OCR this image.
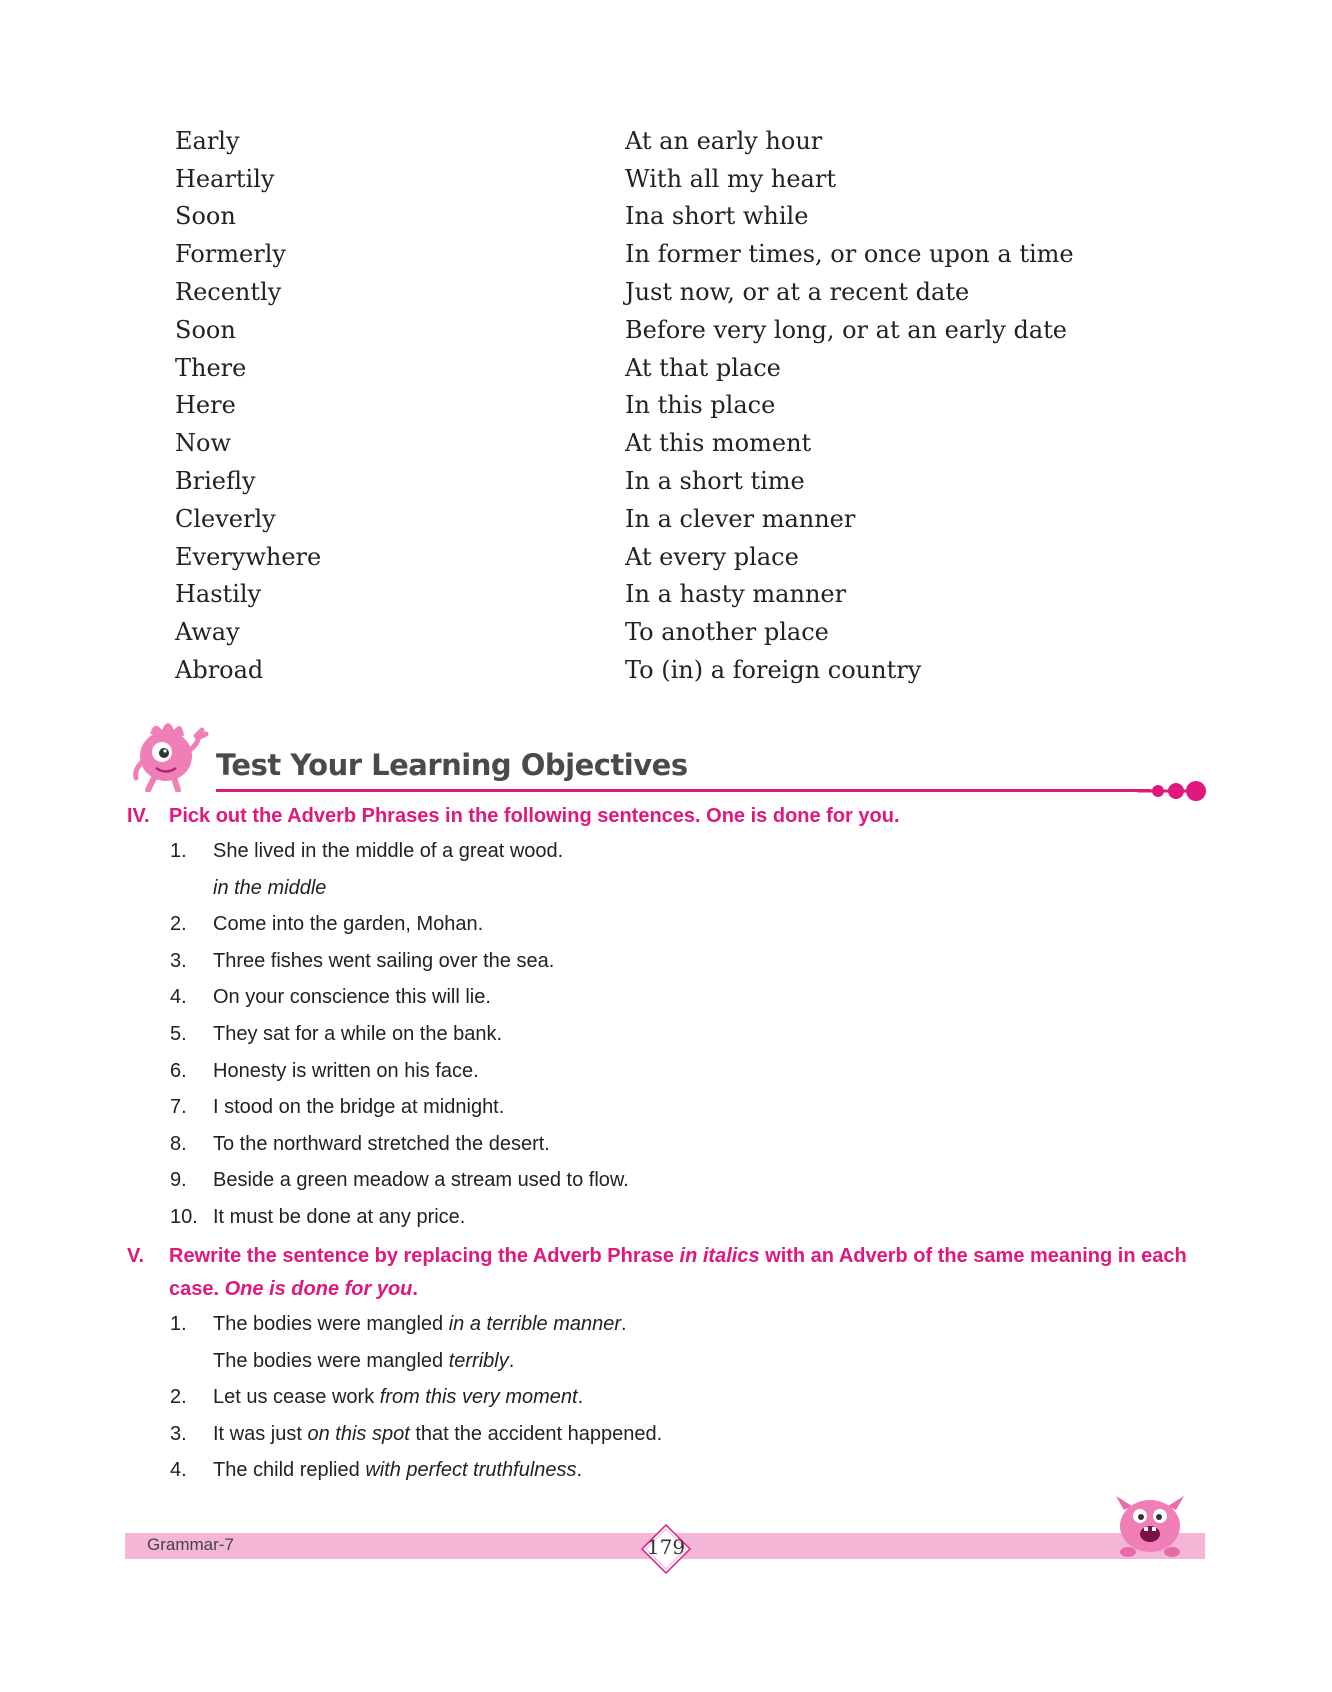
Early	At an early hour
Heartily	With all my heart
Soon	Ina short while
Formerly	In former times, or once upon a time
Recently	Just now, or at a recent date
Soon	Before very long, or at an early date
There	At that place
Here	In this place
Now	At this moment
Briefly	In a short time
Cleverly	In a clever manner
Everywhere	At every place
Hastily	In a hasty manner
Away	To another place
Abroad	To (in) a foreign country
Test Your Learning Objectives
IV. Pick out the Adverb Phrases in the following sentences. One is done for you.
1.	She lived in the middle of a great wood.
in the middle
2.	Come into the garden, Mohan.
3.	Three fishes went sailing over the sea.
4.	On your conscience this will lie.
5.	They sat for a while on the bank.
6.	Honesty is written on his face.
7.	I stood on the bridge at midnight.
8.	To the northward stretched the desert.
9.	Beside a green meadow a stream used to flow.
10. It must be done at any price.
V.	Rewrite the sentence by replacing the Adverb Phrase in italics with an Adverb of the same meaning in each case. One is done for you.
1.	The bodies were mangled in a terrible manner.
The bodies were mangled terribly.
2.	Let us cease work from this very moment.
3.	It was just on this spot that the accident happened.
4.	The child replied with perfect truthfulness.
Grammar-7	179
